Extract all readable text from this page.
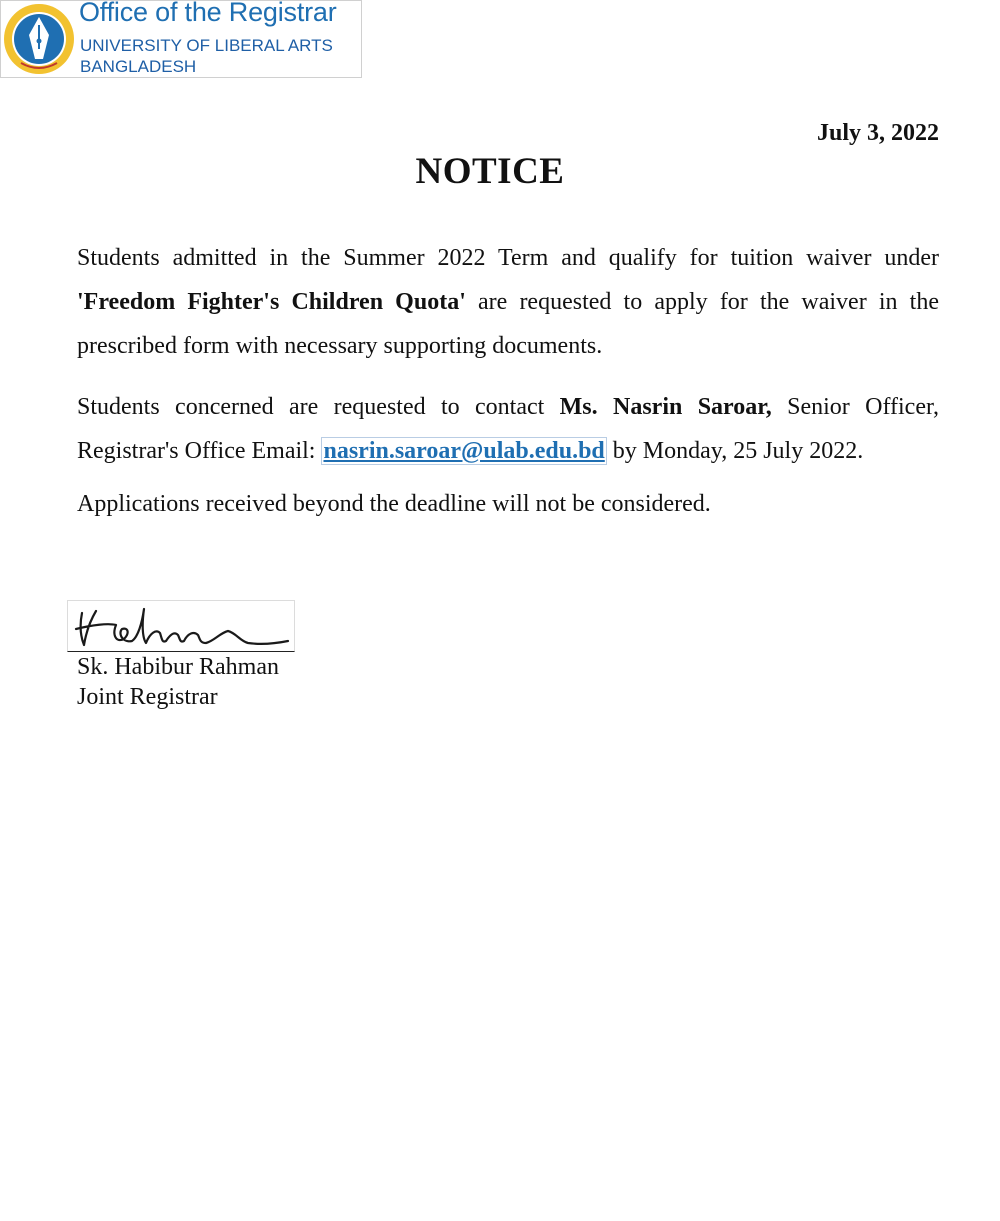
Office of the Registrar
UNIVERSITY OF LIBERAL ARTS
BANGLADESH
July 3, 2022
NOTICE

Students admitted in the Summer 2022 Term and qualify for tuition waiver under 'Freedom Fighter's Children Quota' are requested to apply for the waiver in the prescribed form with necessary supporting documents.

Students concerned are requested to contact Ms. Nasrin Saroar, Senior Officer, Registrar's Office Email: nasrin.saroar@ulab.edu.bd by Monday, 25 July 2022.

Applications received beyond the deadline will not be considered.

Sk. Habibur Rahman
Joint Registrar
